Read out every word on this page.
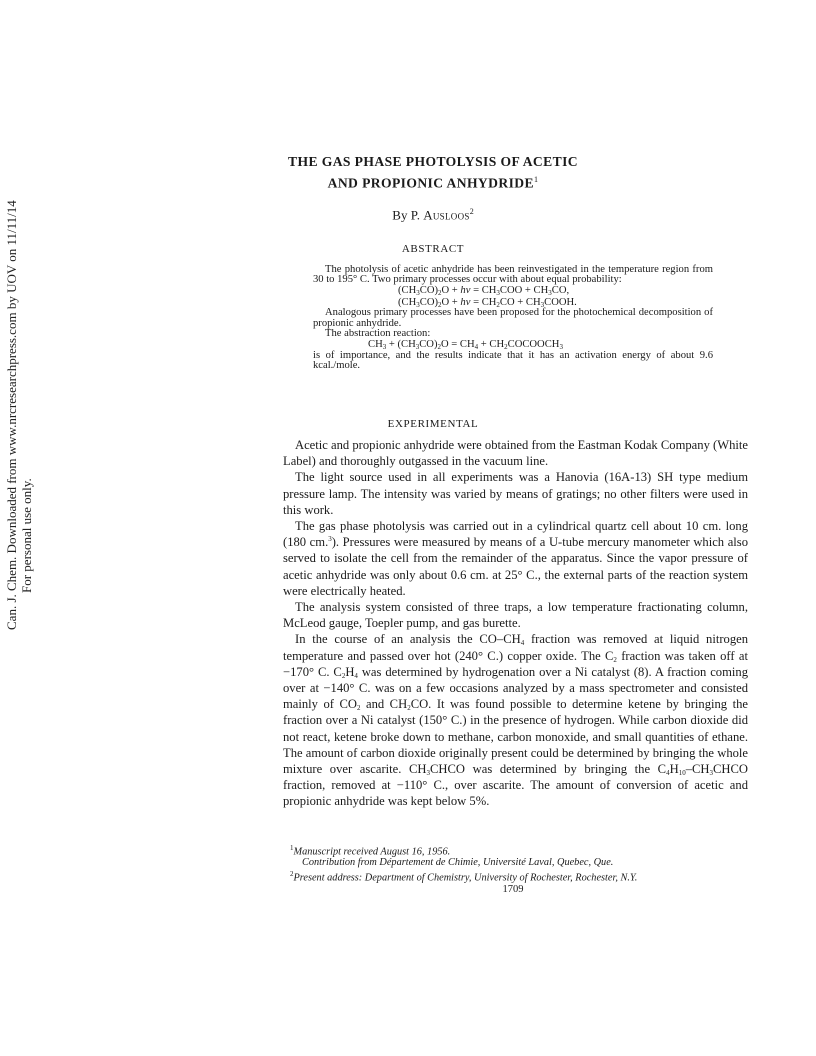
Can. J. Chem. Downloaded from www.nrcresearchpress.com by UOV on 11/11/14 For personal use only.
THE GAS PHASE PHOTOLYSIS OF ACETIC
AND PROPIONIC ANHYDRIDE$^1$
By P. Ausloos$^2$
ABSTRACT

The photolysis of acetic anhydride has been reinvestigated in the temperature region from 30 to 195° C. Two primary processes occur with about equal probability:

$(CH_3CO)_2O + h\nu = CH_3COO + CH_3CO$,

$(CH_3CO)_2O + h\nu = CH_2CO$ + $CH_3COOH$.

Analogous primary processes have been proposed for the photochemical decomposition of propionic anhydride.

The abstraction reaction:

$CH_3 + (CH_3CO)_2O = CH_4$ + $CH_2COCOOCH_3$

is of importance, and the results indicate that it has an activation energy of about 9.6 kcal./mole.

EXPERIMENTAL

Acetic and propionic anhydride were obtained from the Eastman Kodak Company (White Label) and thoroughly outgassed in the vacuum line.

The light source used in all experiments was a Hanovia (16A-13) SH type medium pressure lamp. The intensity was varied by means of gratings; no other filters were used in this work.

The gas phase photolysis was carried out in a cylindrical quartz cell about 10 cm. long (180 cm.$^3$). Pressures were measured by means of a U-tube mercury manometer which also served to isolate the cell from the remainder of the apparatus. Since the vapor pressure of acetic anhydride was only about 0.6 cm. at 25° C., the external parts of the reaction system were electrically heated.

The analysis system consisted of three traps, a low temperature fractionating column, McLeod gauge, Toepler pump, and gas burette.

In the course of an analysis the $CO-CH_4$ fraction was removed at liquid nitrogen temperature and passed over hot (240° C.) copper oxide. The $C_2$ fraction was taken off at −170° C. $C_2H_4$ was determined by hydrogenation over a Ni catalyst (8). A fraction coming over at −140° C. was on a few occasions analyzed by a mass spectrometer and consisted mainly of $CO_2$ and $CH_2CO$. It was found possible to determine ketene by bringing the fraction over a Ni catalyst (150° C.) in the presence of hydrogen. While carbon dioxide did not react, ketene broke down to methane, carbon monoxide, and small quantities of ethane. The amount of carbon dioxide originally present could be determined by bringing the whole mixture over ascarite. $CH_3CHCO$ was determined by bringing the $C_4H_{10}-CH_3CHCO$ fraction, removed at −110° C., over ascarite. The amount of conversion of acetic and propionic anhydride was kept below 5%.

$^1$Manuscript received August 16, 1956.

Contribution from Département de Chimie, Université Laval, Quebec, Que.

$^2$Present address: Department of Chemistry, University of Rochester, Rochester, N.Y.

1709
